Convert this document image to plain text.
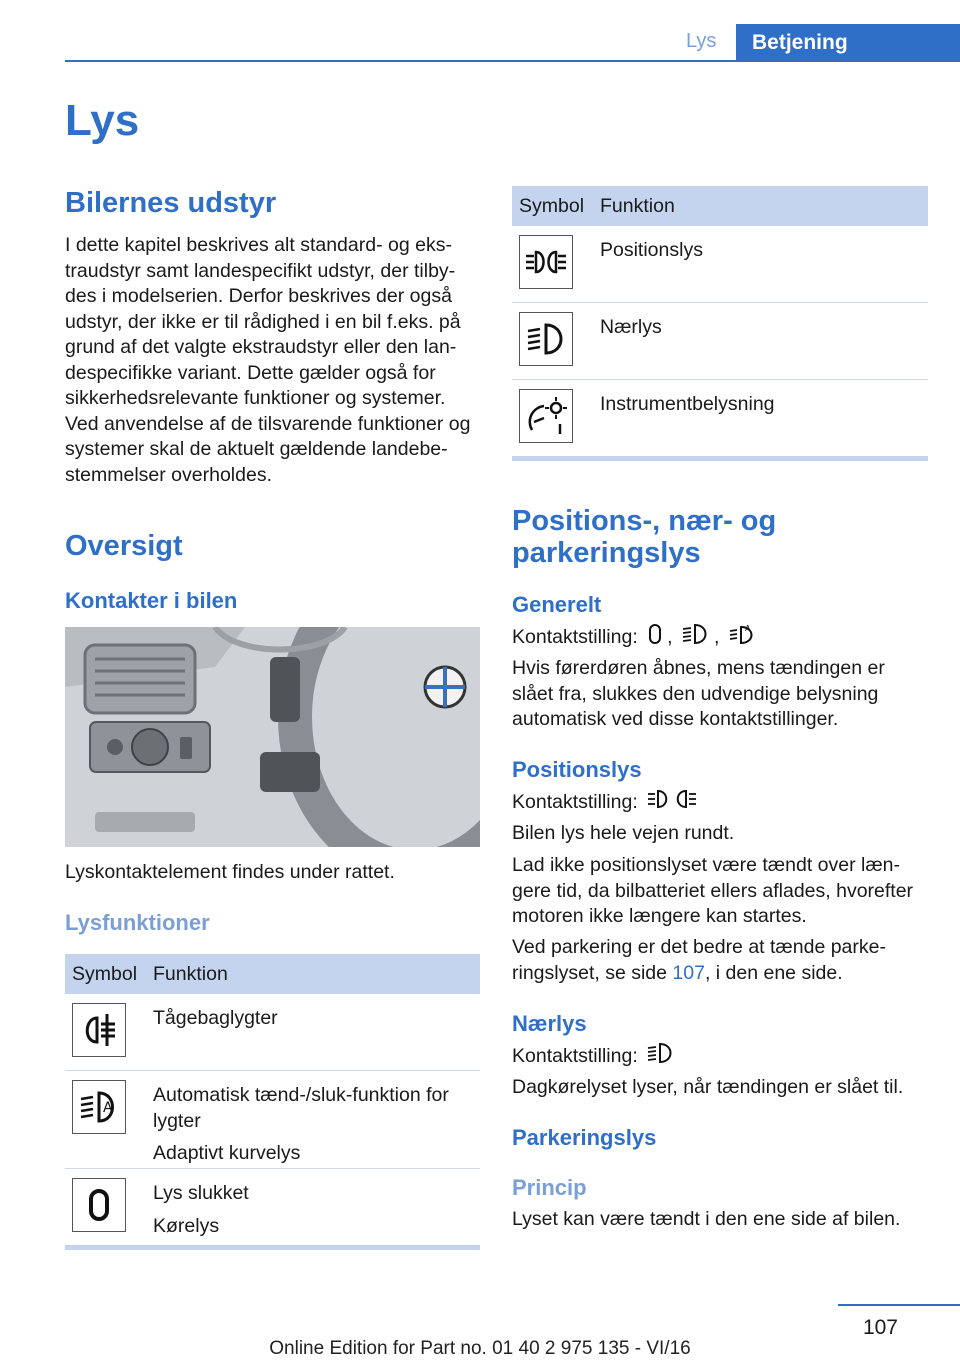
Lys	Betjening
Lys
Bilernes udstyr

I dette kapitel beskrives alt standard- og eks-traudstyr samt landespecifikt udstyr, der tilby-des i modelserien. Derfor beskrives der også udstyr, der ikke er til rådighed i en bil f.eks. på grund af det valgte ekstraudstyr eller den lan-despecifikke variant. Dette gælder også for sikkerhedsrelevante funktioner og systemer. Ved anvendelse af de tilsvarende funktioner og systemer skal de aktuelt gældende landebe-stemmelser overholdes.

Oversigt
Kontakter i bilen

Lyskontaktelement findes under rattet.

Lysfunktioner
Symbol Funktion
Tågebaglygter
A
Automatisk tænd-/sluk-funktion for lygter
Adaptivt kurvelys
Lys slukket
Kørelys
Symbol Funktion
Positionslys
Nærlys
Instrumentbelysning
Positions-, nær- og parkeringslys
Generelt
Kontaktstilling: , ,	A

Hvis førerdøren åbnes, mens tændingen er slået fra, slukkes den udvendige belysning automatisk ved disse kontaktstillinger.

Positionslys
Kontaktstilling:

Bilen lys hele vejen rundt.

Lad ikke positionslyset være tændt over læn-gere tid, da bilbatteriet ellers aflades, hvorefter motoren ikke længere kan startes.

Ved parkering er det bedre at tænde parke-ringslyset, se side 107, i den ene side.

Nærlys
Kontaktstilling:

Dagkørelyset lyser, når tændingen er slået til.

Parkeringslys
Princip

Lyset kan være tændt i den ene side af bilen.

107
Online Edition for Part no. 01 40 2 975 135 - VI/16
